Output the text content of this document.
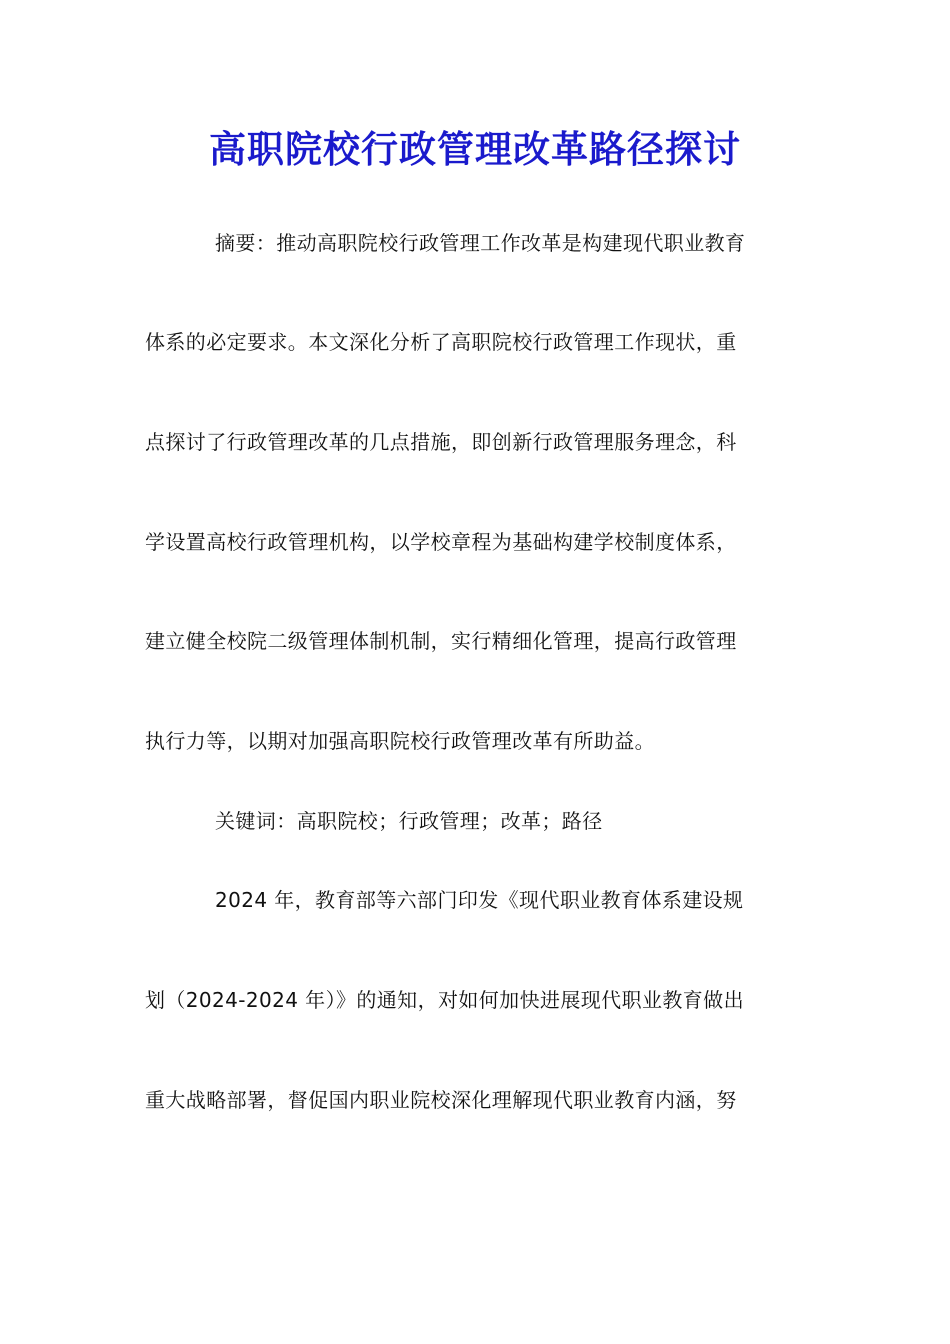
高职院校行政管理改革路径探讨
摘要：推动高职院校行政管理工作改革是构建现代职业教育
体系的必定要求。本文深化分析了高职院校行政管理工作现状，重
点探讨了行政管理改革的几点措施，即创新行政管理服务理念，科
学设置高校行政管理机构，以学校章程为基础构建学校制度体系，
建立健全校院二级管理体制机制，实行精细化管理，提高行政管理
执行力等，以期对加强高职院校行政管理改革有所助益。
关键词：高职院校；行政管理；改革；路径
2024 年，教育部等六部门印发《现代职业教育体系建设规
划（2024-2024 年）》的通知，对如何加快进展现代职业教育做出
重大战略部署，督促国内职业院校深化理解现代职业教育内涵，努
